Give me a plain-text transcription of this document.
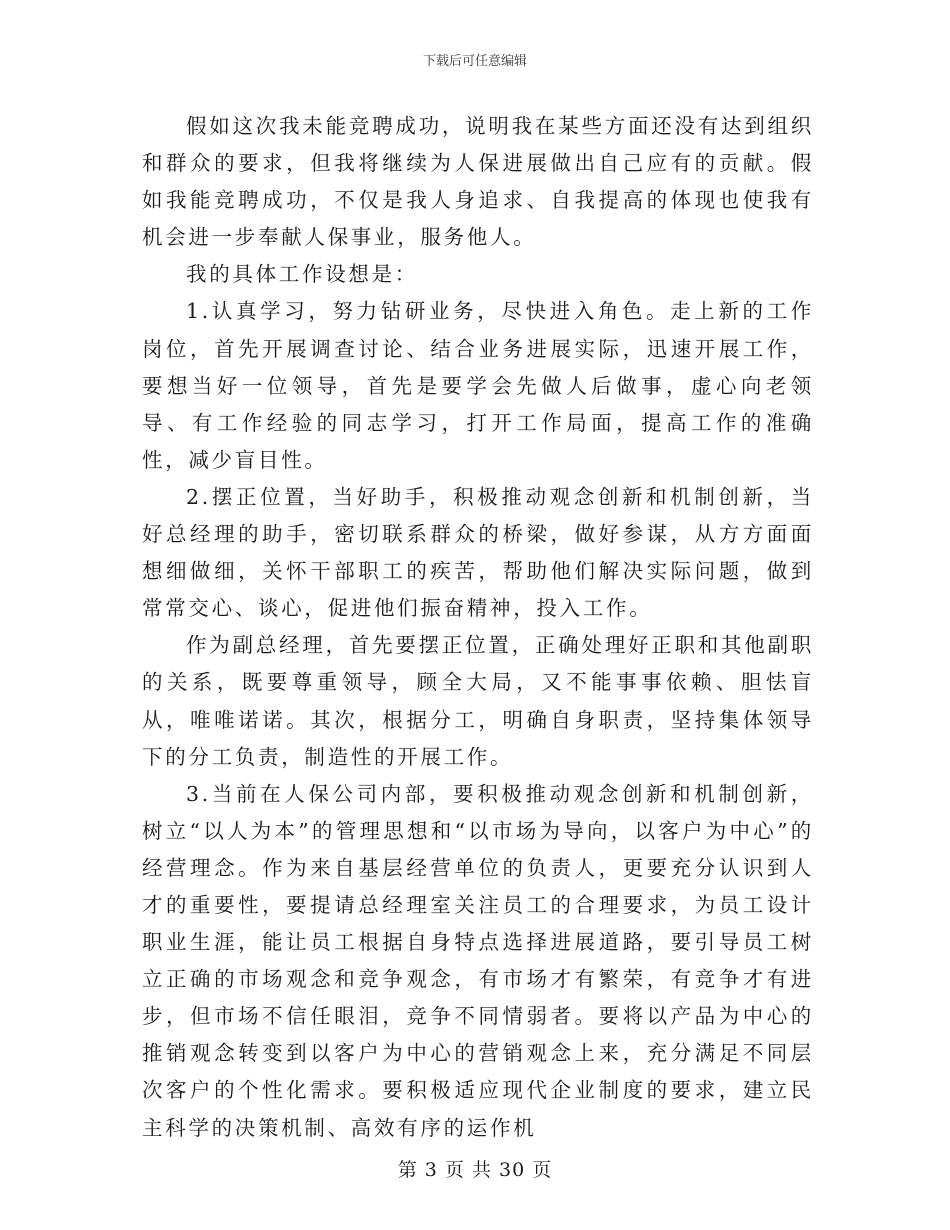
下载后可任意编辑

假如这次我未能竞聘成功，说明我在某些方面还没有达到组织和群众的要求，但我将继续为人保进展做出自己应有的贡献。假如我能竞聘成功，不仅是我人身追求、自我提高的体现也使我有机会进一步奉献人保事业，服务他人。

我的具体工作设想是：

1.认真学习，努力钻研业务，尽快进入角色。走上新的工作岗位，首先开展调查讨论、结合业务进展实际，迅速开展工作，要想当好一位领导，首先是要学会先做人后做事，虚心向老领导、有工作经验的同志学习，打开工作局面，提高工作的准确性，减少盲目性。

2.摆正位置，当好助手，积极推动观念创新和机制创新，当好总经理的助手，密切联系群众的桥梁，做好参谋，从方方面面想细做细，关怀干部职工的疾苦，帮助他们解决实际问题，做到常常交心、谈心，促进他们振奋精神，投入工作。

作为副总经理，首先要摆正位置，正确处理好正职和其他副职的关系，既要尊重领导，顾全大局，又不能事事依赖、胆怯盲从，唯唯诺诺。其次，根据分工，明确自身职责，坚持集体领导下的分工负责，制造性的开展工作。

3.当前在人保公司内部，要积极推动观念创新和机制创新，树立“以人为本”的管理思想和“以市场为导向，以客户为中心”的经营理念。作为来自基层经营单位的负责人，更要充分认识到人才的重要性，要提请总经理室关注员工的合理要求，为员工设计职业生涯，能让员工根据自身特点选择进展道路，要引导员工树立正确的市场观念和竞争观念，有市场才有繁荣，有竞争才有进步，但市场不信任眼泪，竞争不同情弱者。要将以产品为中心的推销观念转变到以客户为中心的营销观念上来，充分满足不同层次客户的个性化需求。要积极适应现代企业制度的要求，建立民主科学的决策机制、高效有序的运作机

第 3 页 共 30 页
